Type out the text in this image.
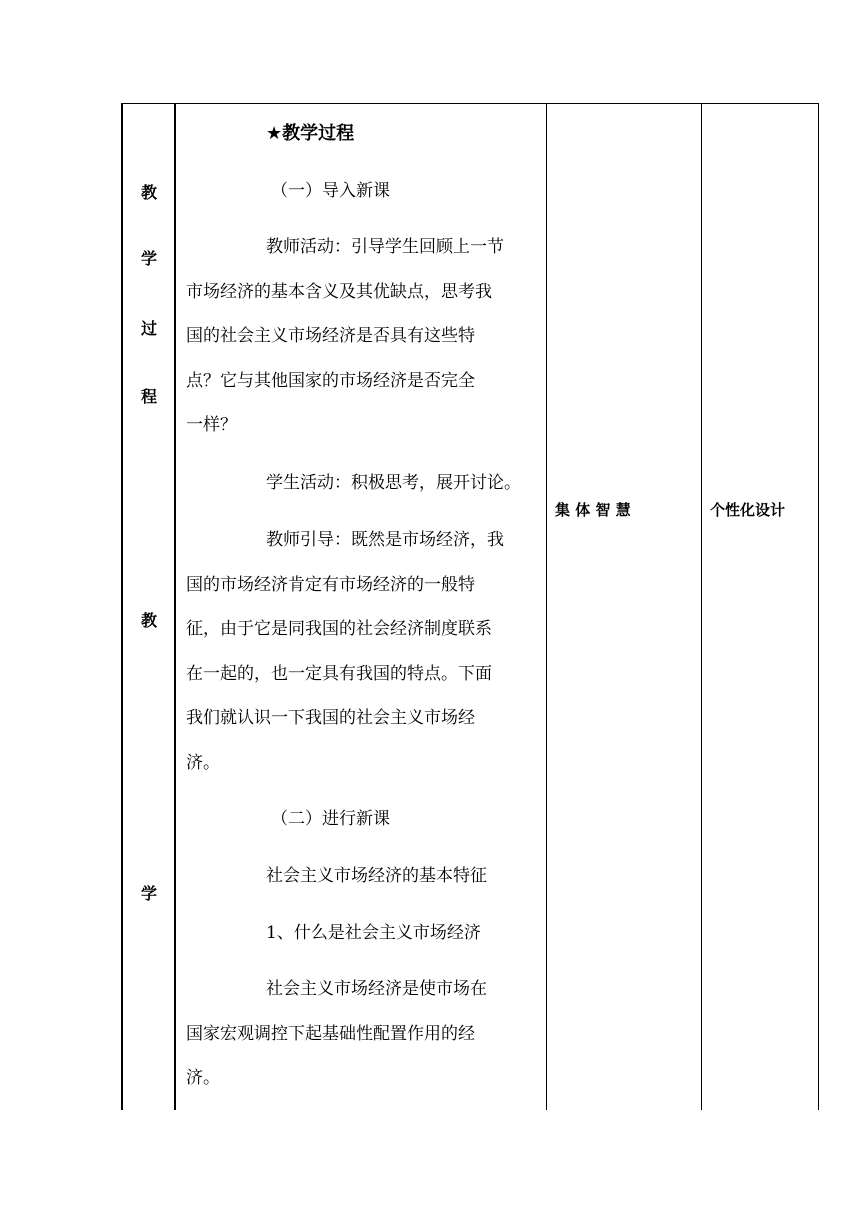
教
学
过
程
教
学
★教学过程
（一）导入新课
教师活动：引导学生回顾上一节
市场经济的基本含义及其优缺点，思考我
国的社会主义市场经济是否具有这些特
点？它与其他国家的市场经济是否完全
一样？
学生活动：积极思考，展开讨论。
教师引导：既然是市场经济，我
国的市场经济肯定有市场经济的一般特
征，由于它是同我国的社会经济制度联系
在一起的，也一定具有我国的特点。下面
我们就认识一下我国的社会主义市场经
济。
（二）进行新课
社会主义市场经济的基本特征
1、什么是社会主义市场经济
社会主义市场经济是使市场在
国家宏观调控下起基础性配置作用的经
济。
集 体 智 慧	个性化设计
